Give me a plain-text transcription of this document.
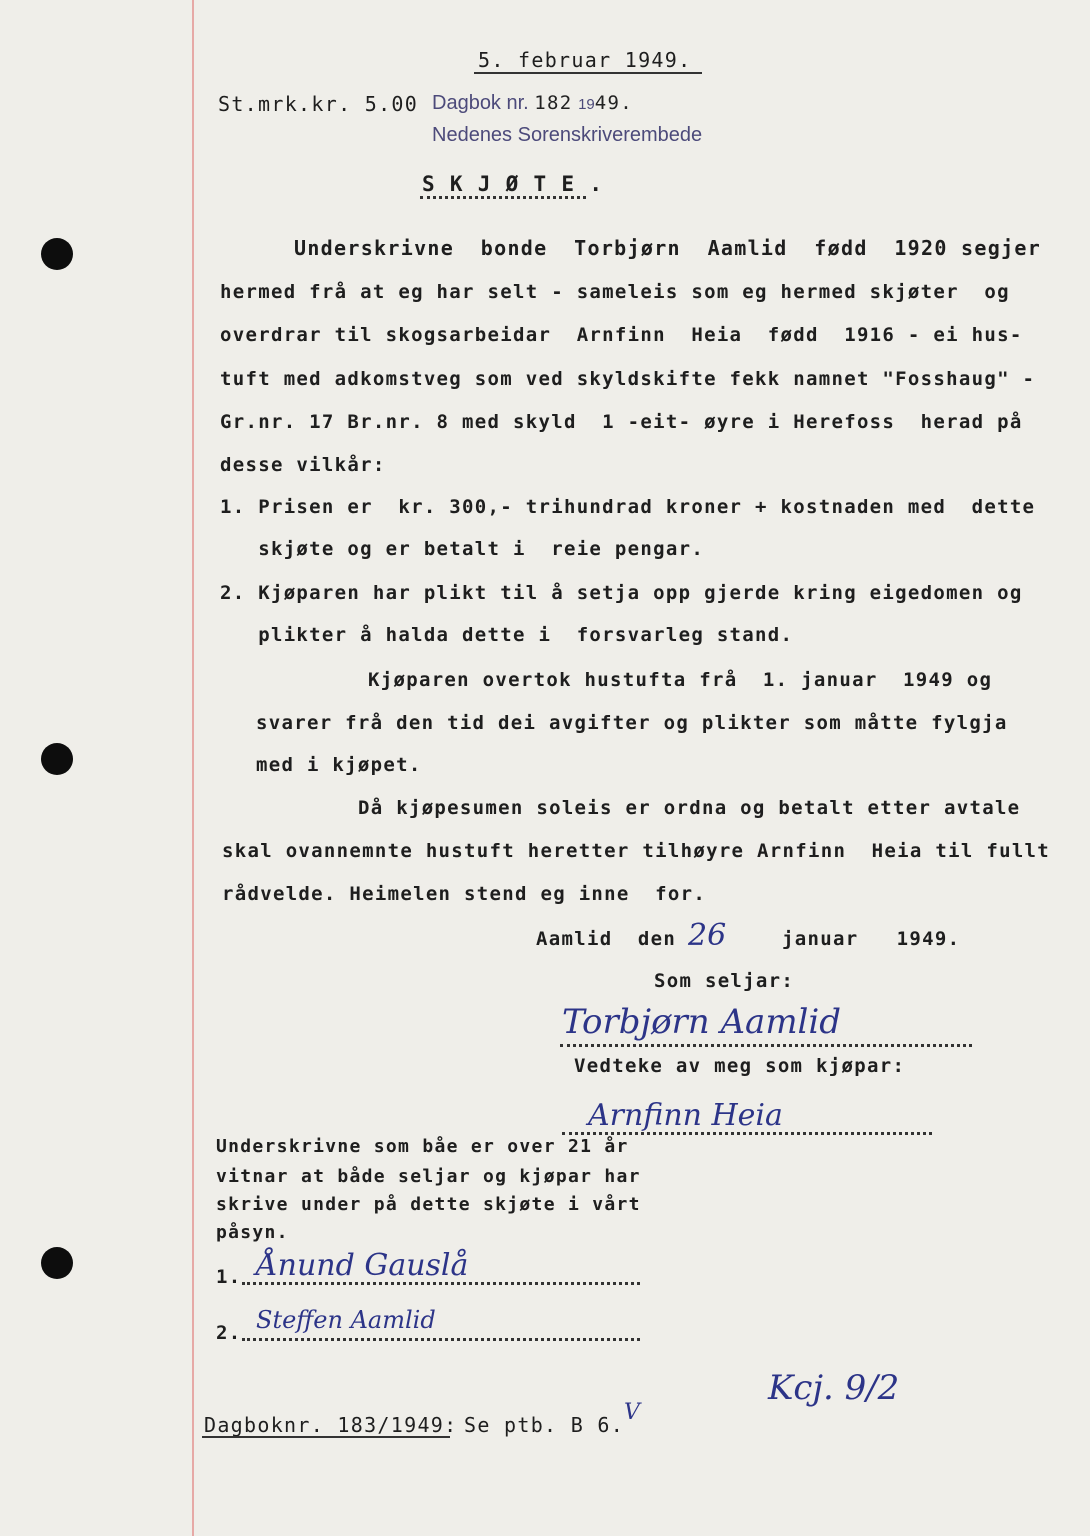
5. februar 1949.
St.mrk.kr. 5.00 Dagbok nr. 182 1949.
Nedenes Sorenskriverembede
S K J Ø T E .
Underskrivne  bonde  Torbjørn  Aamlid  fødd  1920 segjer
hermed frå at eg har selt - sameleis som eg hermed skjøter  og
overdrar til skogsarbeidar  Arnfinn  Heia  fødd  1916 - ei hus-
tuft med adkomstveg som ved skyldskifte fekk namnet "Fosshaug" -
Gr.nr. 17 Br.nr. 8 med skyld  1 -eit- øyre i Herefoss  herad på
desse vilkår:
1. Prisen er  kr. 300,- trihundrad kroner + kostnaden med  dette
skjøte og er betalt i  reie pengar.
2. Kjøparen har plikt til å setja opp gjerde kring eigedomen og
plikter å halda dette i  forsvarleg stand.
Kjøparen overtok hustufta frå  1. januar  1949 og
svarer frå den tid dei avgifter og plikter som måtte fylgja
med i kjøpet.
Då kjøpesumen soleis er ordna og betalt etter avtale
skal ovannemnte hustuft heretter tilhøyre Arnfinn  Heia til fullt
rådvelde. Heimelen stend eg inne  for.
Aamlid  den 26	januar   1949.
Som seljar:
Torbjørn Aamlid
Vedteke av meg som kjøpar:
Arnfinn Heia
Underskrivne som båe er over 21 år
vitnar at både seljar og kjøpar har
skrive under på dette skjøte i vårt
påsyn.
1. Ånund Gauslå
2. Steffen Aamlid
Dagboknr. 183/1949: Se ptb. B 6. V
Kcj. 9/2
